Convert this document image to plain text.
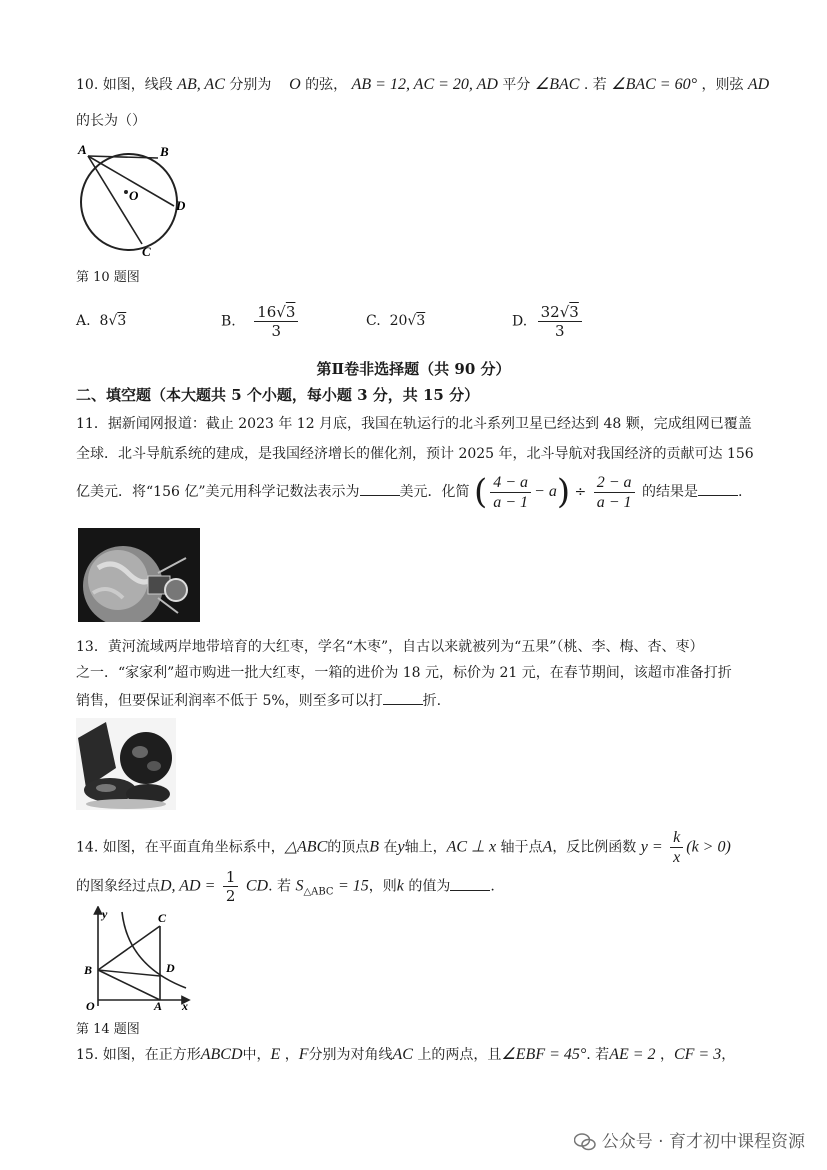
10. 如图，线段 AB, AC 分别为 O 的弦， AB = 12, AC = 20, AD 平分 ∠BAC . 若 ∠BAC = 60° ，则弦 AD
的长为（）
A	B
O
D
C
第 10 题图
A. 8√3	B. $\frac{16√3}{3}$	C. 20√3	D. $\frac{32√3}{3}$
第Ⅱ卷非选择题（共 90 分）
二、填空题（本大题共 5 个小题，每小题 3 分，共 15 分）
11．据新闻网报道：截止 2023 年 12 月底，我国在轨运行的北斗系列卫星已经达到 48 颗，完成组网已覆盖
全球．北斗导航系统的建成，是我国经济增长的催化剂，预计 2025 年，北斗导航对我国经济的贡献可达 156
亿美元．将“156 亿”美元用科学记数法表示为	美元．化简 ( $\frac{4 - a}{a - 1} - a) \div \frac{2 - a}{a - 1}$ 的结果是	.
13．黄河流域两岸地带培育的大红枣，学名“木枣”，自古以来就被列为“五果”（桃、李、梅、杏、枣）
之一．“家家利”超市购进一批大红枣，一箱的进价为 18 元，标价为 21 元，在春节期间，该超市准备打折
销售，但要保证利润率不低于 5%，则至多可以打	折.
14. 如图，在平面直角坐标系中，△ABC的顶点B 在y轴上，AC ⊥ x 轴于点A，反比例函数 $y = \frac{k}{x} (k > 0)$
的图象经过点D, AD = $\frac{1}{2}$ CD. 若 $S_{\triangle ABC} = 15$，则k 的值为	.
y	C
B	D
O	A x
第 14 题图
15. 如图，在正方形ABCD中，E ，F分别为对角线AC 上的两点，且∠EBF = 45°. 若AE = 2 ，CF = 3，
公众号 · 育才初中课程资源
